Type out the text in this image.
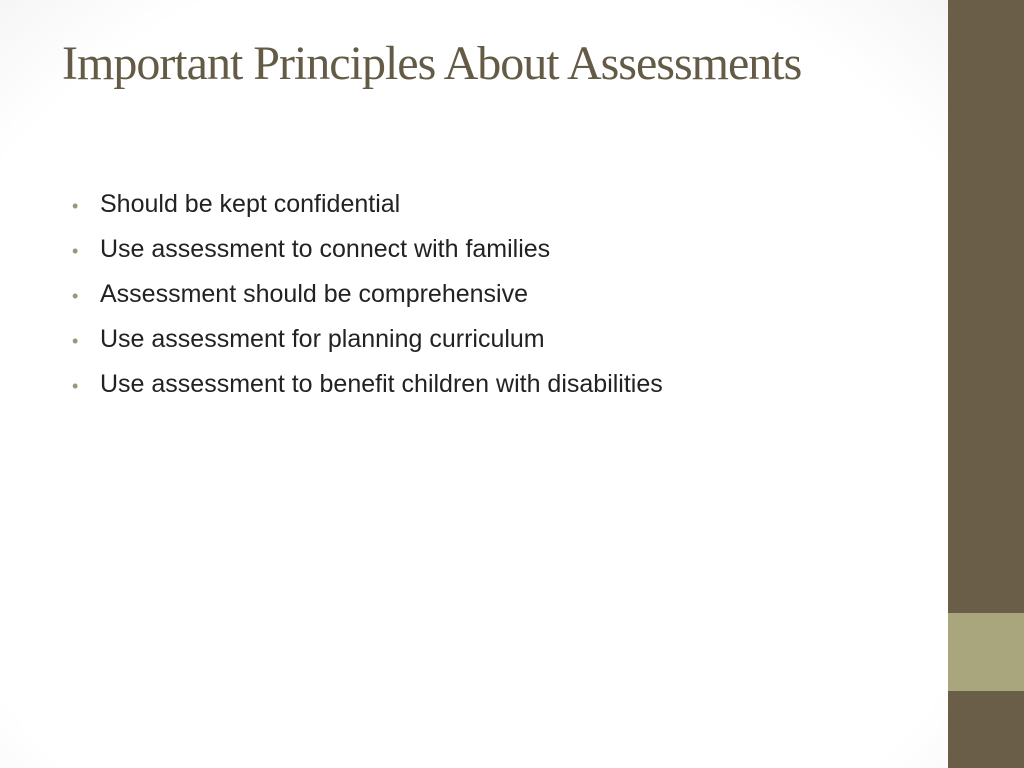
Important Principles About Assessments
• Should be kept confidential
• Use assessment to connect with families
• Assessment should be comprehensive
• Use assessment for planning curriculum
• Use assessment to benefit children with disabilities
